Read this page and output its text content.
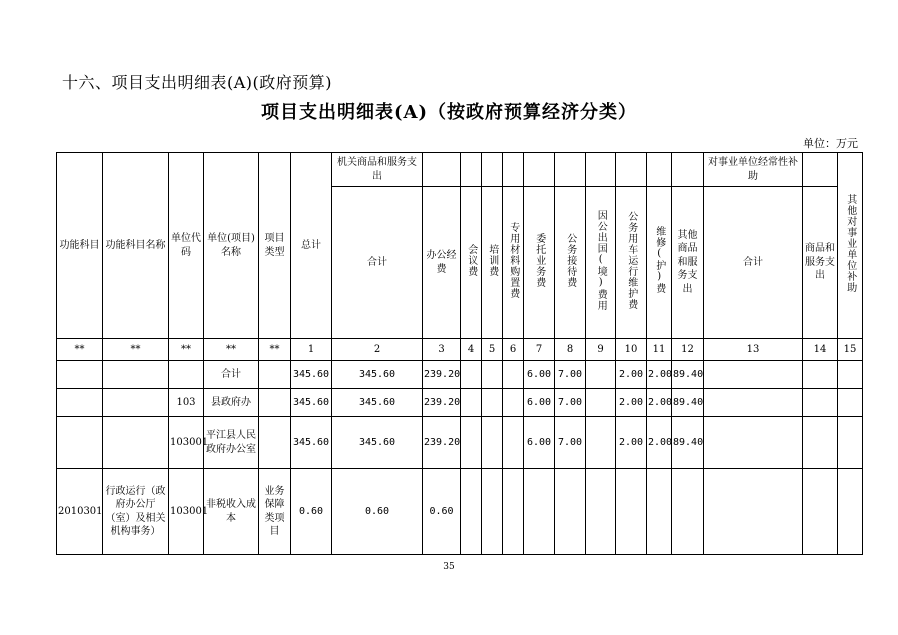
十六、项目支出明细表(A)(政府预算)
项目支出明细表(A)（按政府预算经济分类）
单位：万元
功能科目	功能科目名称	单位代码	单位(项目)名称	项目类型	总计	机关商品和服务支出											对事业单位经常性补助		其他对事业单位补助
						合计	办公经费	会议费	培训费	专用材料购置费	委托业务费	公务接待费	因公出国(境)费用	公务用车运行维护费	维修(护)费	其他商品和服务支出	合计	商品和服务支出	
**	**	**	**	**	1	2	3	4	5	6	7	8	9	10	11	12	13	14	15
			合计		345.60	345.60	239.20				6.00	7.00		2.00	2.00	89.40			
		103	县政府办		345.60	345.60	239.20				6.00	7.00		2.00	2.00	89.40			
		103001	平江县人民政府办公室		345.60	345.60	239.20				6.00	7.00		2.00	2.00	89.40			
2010301	行政运行（政府办公厅（室）及相关机构事务）	103001	非税收入成本	业务保障类项目	0.60	0.60	0.60												
35
